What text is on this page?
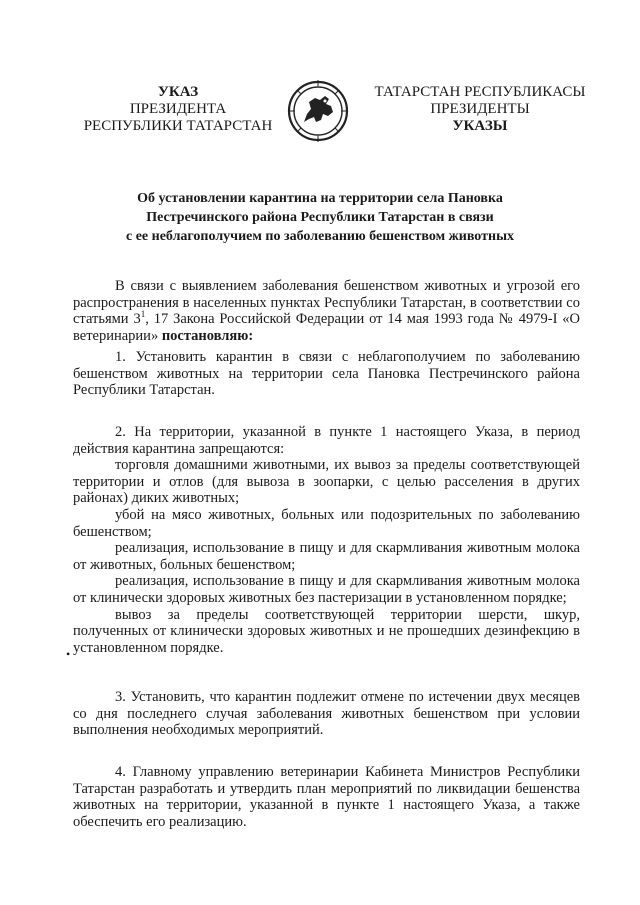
УКАЗ
ПРЕЗИДЕНТА
РЕСПУБЛИКИ ТАТАРСТАН
ТАТАРСТАН РЕСПУБЛИКАСЫ
ПРЕЗИДЕНТЫ
УКАЗЫ
Об установлении карантина на территории села Пановка
Пестречинского района Республики Татарстан в связи
с ее неблагополучием по заболеванию бешенством животных

В связи с выявлением заболевания бешенством животных и угрозой его распространения в населенных пунктах Республики Татарстан, в соответствии со статьями $3^1$, 17 Закона Российской Федерации от 14 мая 1993 года № 4979-I «О ветеринарии» постановляю:

1. Установить карантин в связи с неблагополучием по заболеванию бешенством животных на территории села Пановка Пестречинского района Республики Татарстан.

2. На территории, указанной в пункте 1 настоящего Указа, в период действия карантина запрещаются:

торговля домашними животными, их вывоз за пределы соответствующей территории и отлов (для вывоза в зоопарки, с целью расселения в других районах) диких животных;

убой на мясо животных, больных или подозрительных по заболеванию бешенством;

реализация, использование в пищу и для скармливания животным молока от животных, больных бешенством;

реализация, использование в пищу и для скармливания животным молока от клинически здоровых животных без пастеризации в установленном порядке;

вывоз за пределы соответствующей территории шерсти, шкур, полученных от клинически здоровых животных и не прошедших дезинфекцию в установленном порядке.

•

3. Установить, что карантин подлежит отмене по истечении двух месяцев со дня последнего случая заболевания животных бешенством при условии выполнения необходимых мероприятий.

4. Главному управлению ветеринарии Кабинета Министров Республики Татарстан разработать и утвердить план мероприятий по ликвидации бешенства животных на территории, указанной в пункте 1 настоящего Указа, а также обеспечить его реализацию.
